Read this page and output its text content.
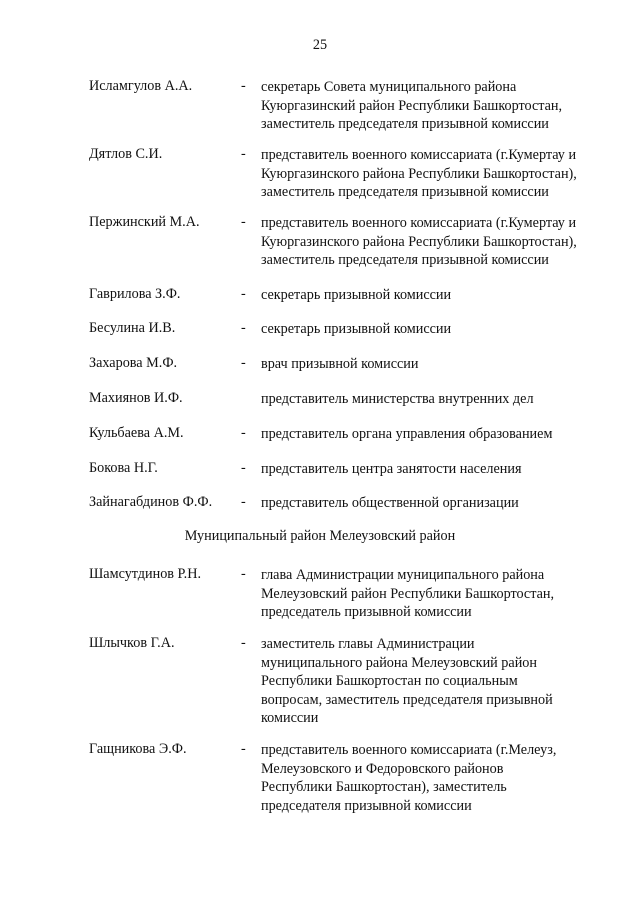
25
Исламгулов А.А.	- секретарь Совета муниципального района
Куюргазинский район Республики Башкортостан,
заместитель председателя призывной комиссии
Дятлов С.И.	- представитель военного комиссариата (г.Кумертау и
Куюргазинского района Республики Башкортостан),
заместитель председателя призывной комиссии
Пержинский М.А.	- представитель военного комиссариата (г.Кумертау и
Куюргазинского района Республики Башкортостан),
заместитель председателя призывной комиссии
Гаврилова З.Ф.	- секретарь призывной комиссии
Бесулина И.В.	- секретарь призывной комиссии
Захарова М.Ф.	- врач призывной комиссии
Махиянов И.Ф.	представитель министерства внутренних дел
Кульбаева А.М.	- представитель органа управления образованием
Бокова Н.Г.	- представитель центра занятости населения
Зайнагабдинов Ф.Ф. - представитель общественной организации
Муниципальный район Мелеузовский район
Шамсутдинов Р.Н.	- глава Администрации муниципального района
Мелеузовский район Республики Башкортостан,
председатель призывной комиссии
Шлычков Г.А.	- заместитель главы Администрации
муниципального района Мелеузовский район
Республики Башкортостан по социальным
вопросам, заместитель председателя призывной
комиссии
Гащникова Э.Ф.	- представитель военного комиссариата (г.Мелеуз,
Мелеузовского и Федоровского районов
Республики Башкортостан), заместитель
председателя призывной комиссии
